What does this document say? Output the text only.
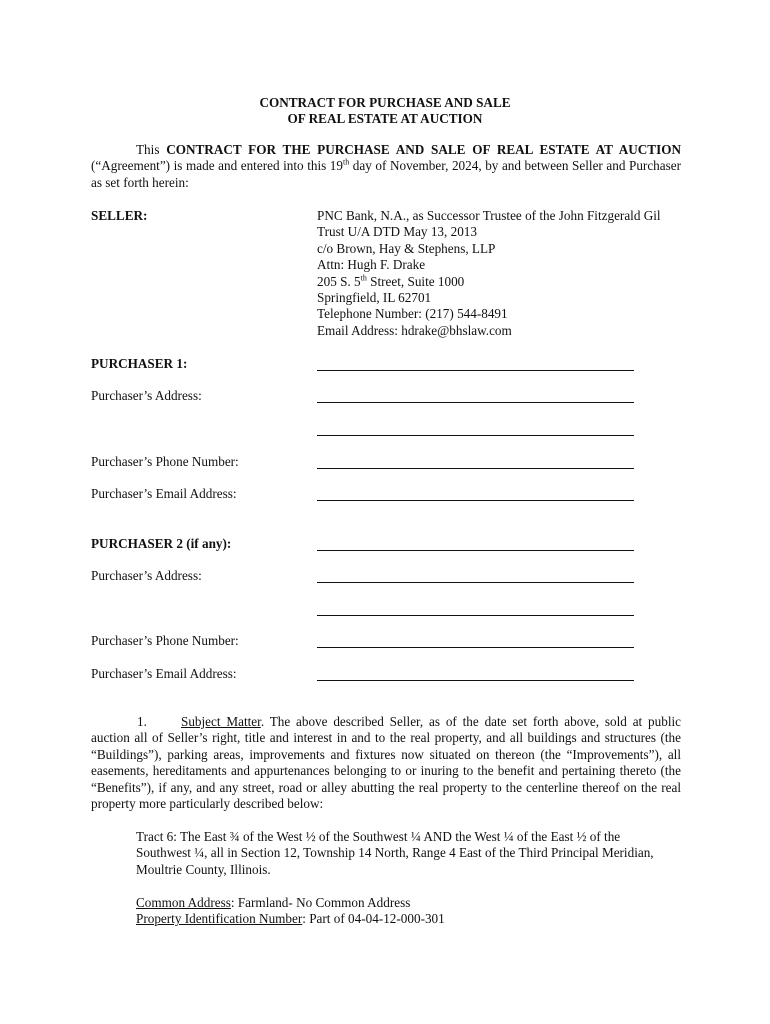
CONTRACT FOR PURCHASE AND SALE
OF REAL ESTATE AT AUCTION
This CONTRACT FOR THE PURCHASE AND SALE OF REAL ESTATE AT AUCTION (“Agreement”) is made and entered into this 19th day of November, 2024, by and between Seller and Purchaser as set forth herein:
SELLER:	PNC Bank, N.A., as Successor Trustee of the John Fitzgerald Gil
Trust U/A DTD May 13, 2013
c/o Brown, Hay & Stephens, LLP
Attn: Hugh F. Drake
205 S. 5th Street, Suite 1000
Springfield, IL 62701
Telephone Number: (217) 544-8491
Email Address: hdrake@bhslaw.com
PURCHASER 1:
Purchaser’s Address:
Purchaser’s Phone Number:
Purchaser’s Email Address:
PURCHASER 2 (if any):
Purchaser’s Address:
Purchaser’s Phone Number:
Purchaser’s Email Address:
1.	Subject Matter. The above described Seller, as of the date set forth above, sold at public auction all of Seller’s right, title and interest in and to the real property, and all buildings and structures (the “Buildings”), parking areas, improvements and fixtures now situated on thereon (the “Improvements”), all easements, hereditaments and appurtenances belonging to or inuring to the benefit and pertaining thereto (the “Benefits”), if any, and any street, road or alley abutting the real property to the centerline thereof on the real property more particularly described below:
Tract 6: The East ¾ of the West ½ of the Southwest ¼ AND the West ¼ of the East ½ of the Southwest ¼, all in Section 12, Township 14 North, Range 4 East of the Third Principal Meridian, Moultrie County, Illinois.
Common Address: Farmland- No Common Address
Property Identification Number: Part of 04-04-12-000-301
